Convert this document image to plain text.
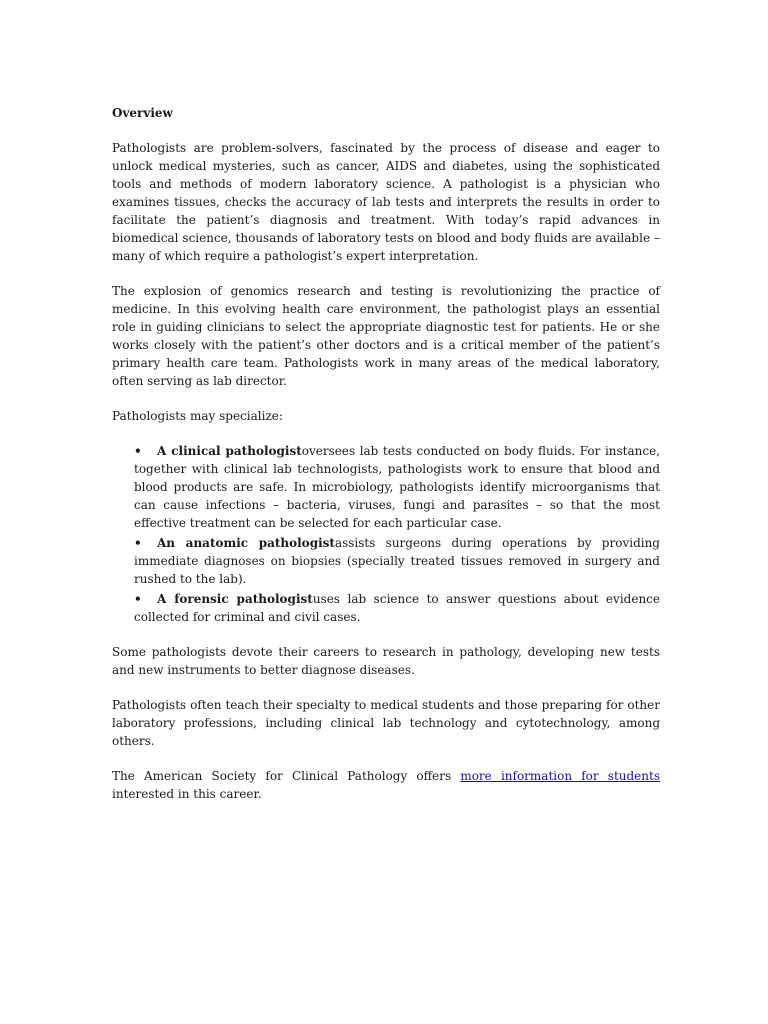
Overview

Pathologists are problem-solvers, fascinated by the process of disease and eager to unlock medical mysteries, such as cancer, AIDS and diabetes, using the sophisticated tools and methods of modern laboratory science. A pathologist is a physician who examines tissues, checks the accuracy of lab tests and interprets the results in order to facilitate the patient’s diagnosis and treatment. With today’s rapid advances in biomedical science, thousands of laboratory tests on blood and body fluids are available – many of which require a pathologist’s expert interpretation.

The explosion of genomics research and testing is revolutionizing the practice of medicine. In this evolving health care environment, the pathologist plays an essential role in guiding clinicians to select the appropriate diagnostic test for patients. He or she works closely with the patient’s other doctors and is a critical member of the patient’s primary health care team. Pathologists work in many areas of the medical laboratory, often serving as lab director.

Pathologists may specialize:

• A clinical pathologistoversees lab tests conducted on body fluids. For instance, together with clinical lab technologists, pathologists work to ensure that blood and blood products are safe. In microbiology, pathologists identify microorganisms that can cause infections – bacteria, viruses, fungi and parasites – so that the most effective treatment can be selected for each particular case.
• An anatomic pathologistassists surgeons during operations by providing immediate diagnoses on biopsies (specially treated tissues removed in surgery and rushed to the lab).
• A forensic pathologistuses lab science to answer questions about evidence collected for criminal and civil cases.

Some pathologists devote their careers to research in pathology, developing new tests and new instruments to better diagnose diseases.

Pathologists often teach their specialty to medical students and those preparing for other laboratory professions, including clinical lab technology and cytotechnology, among others.

The American Society for Clinical Pathology offers more information for students interested in this career.
